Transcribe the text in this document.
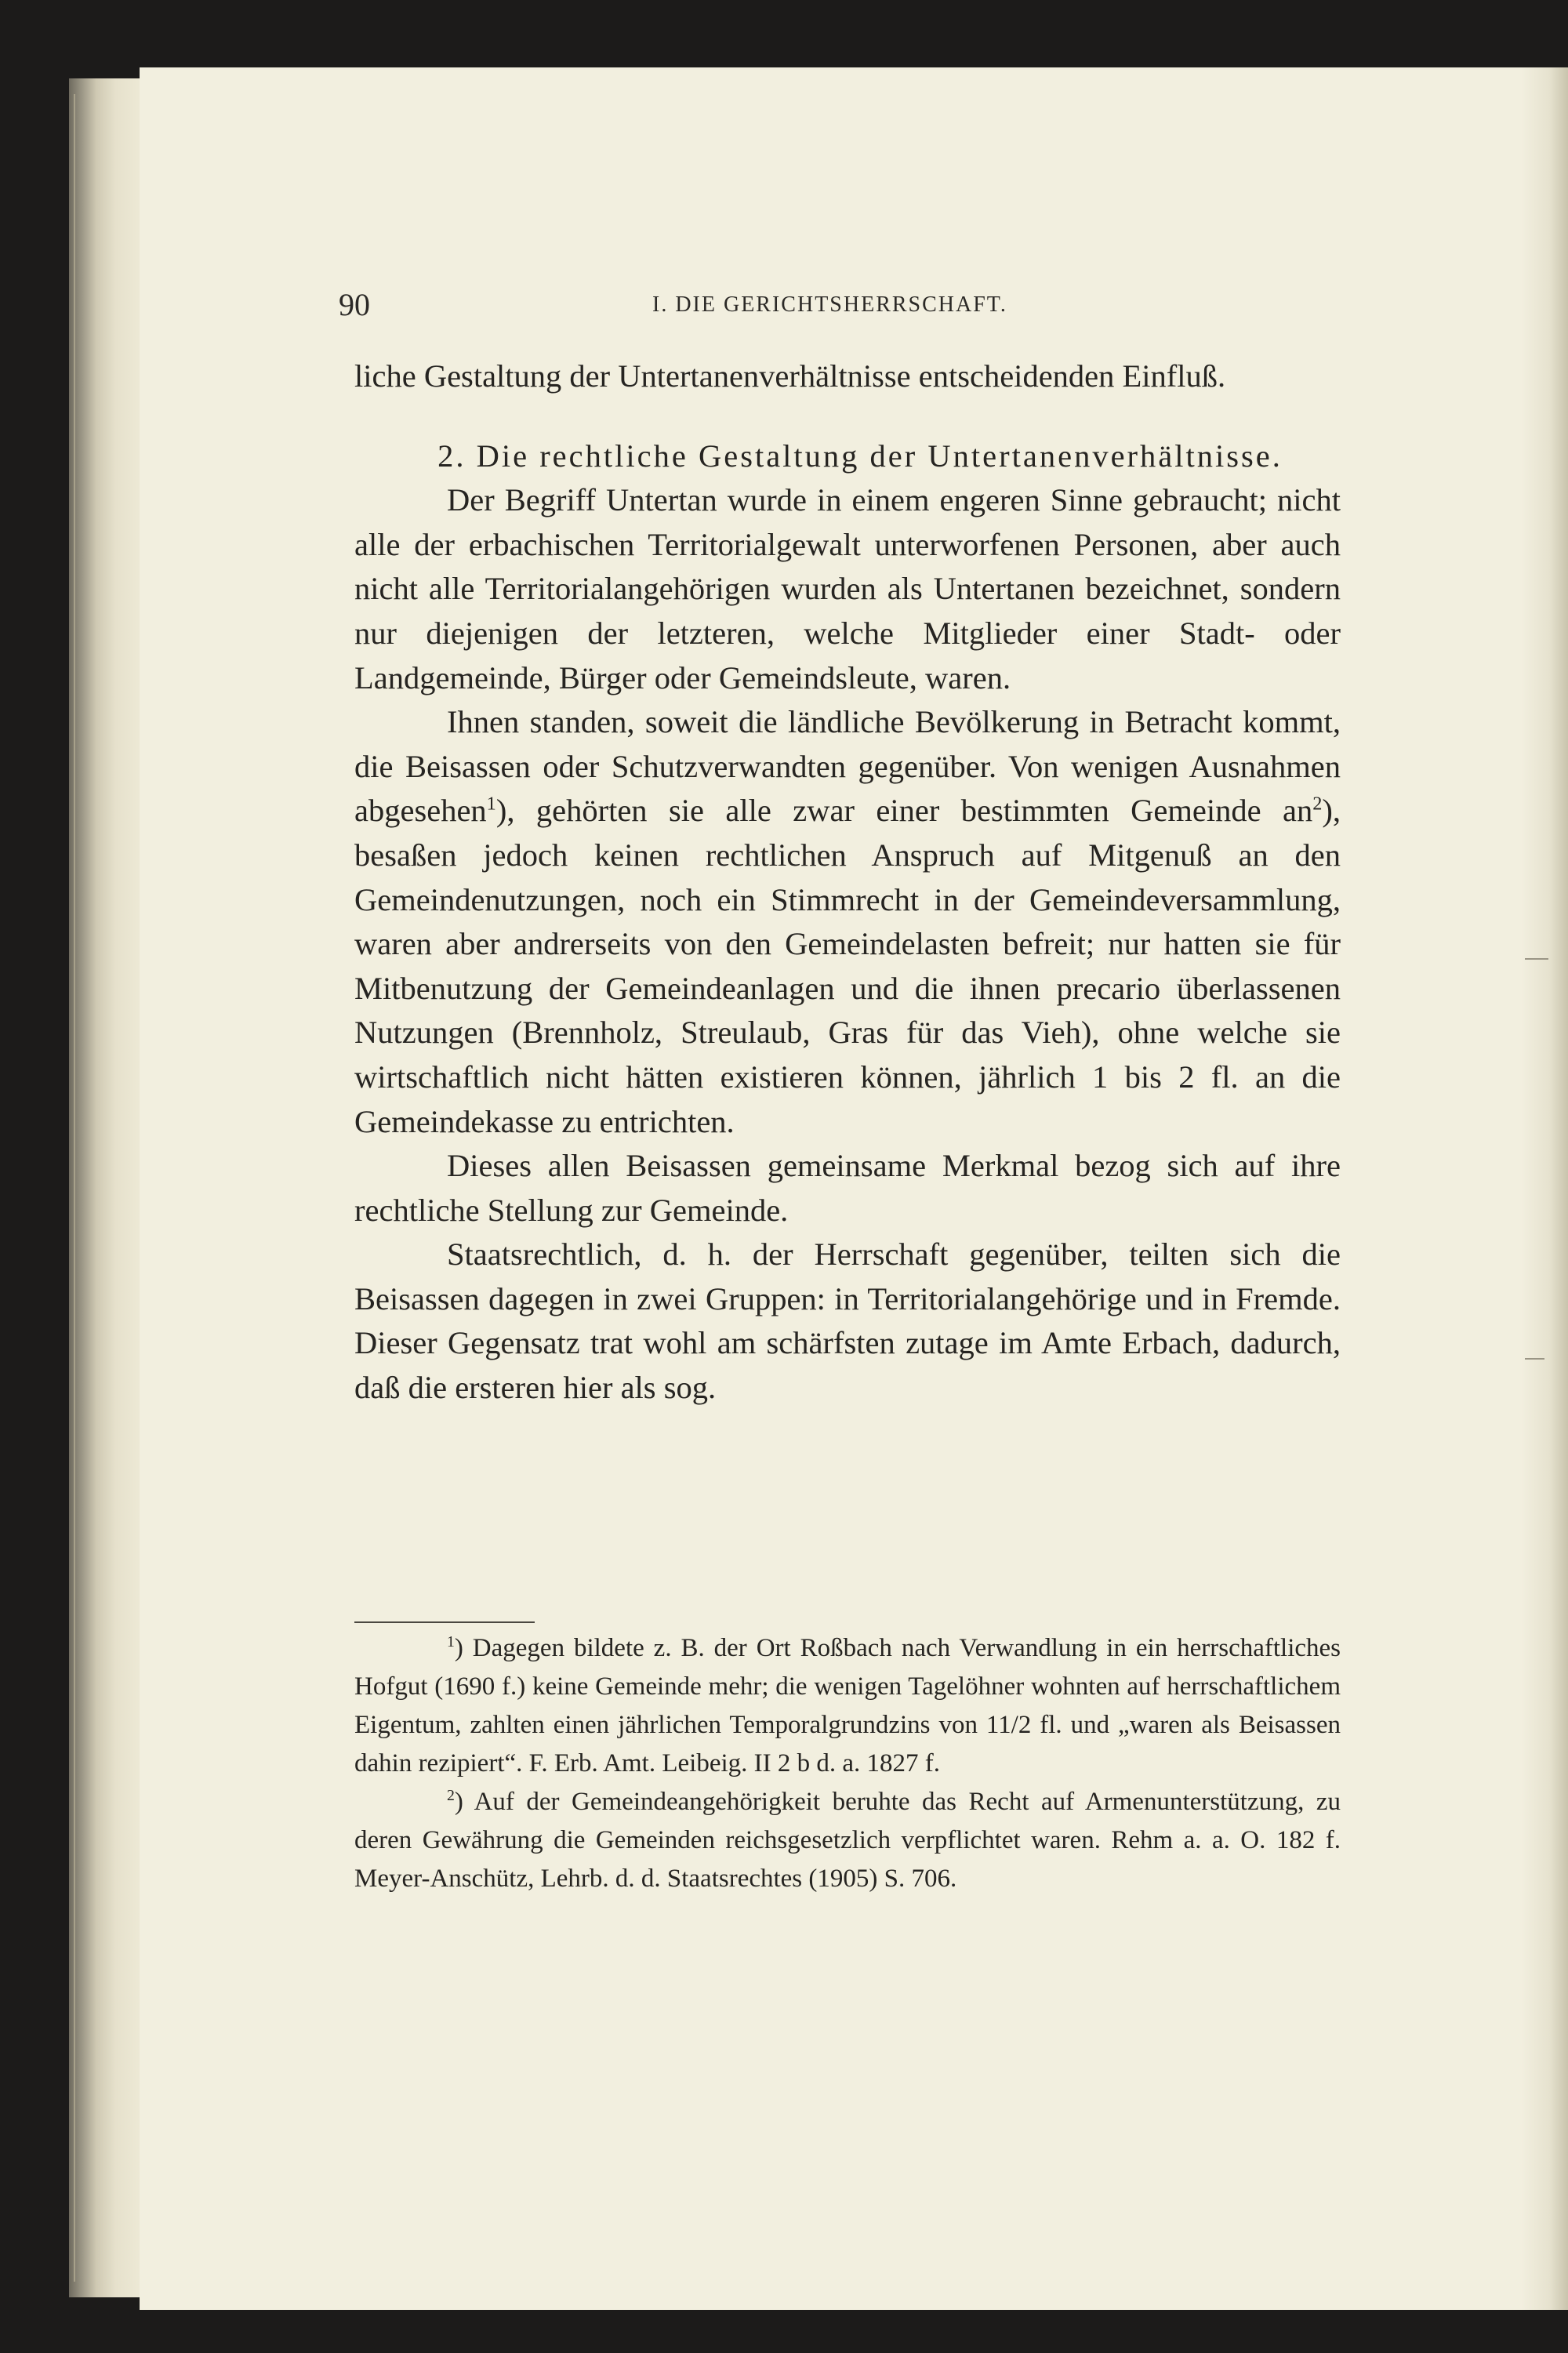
90	I. DIE GERICHTSHERRSCHAFT.

liche Gestaltung der Untertanenverhältnisse entscheidenden Einfluß.

2. Die rechtliche Gestaltung der Untertanenverhältnisse.

Der Begriff Untertan wurde in einem engeren Sinne gebraucht; nicht alle der erbachischen Territorialgewalt unterworfenen Personen, aber auch nicht alle Territorialangehörigen wurden als Untertanen bezeichnet, sondern nur diejenigen der letzteren, welche Mitglieder einer Stadt- oder Landgemeinde, Bürger oder Gemeindsleute, waren.

Ihnen standen, soweit die ländliche Bevölkerung in Betracht kommt, die Beisassen oder Schutzverwandten gegenüber. Von wenigen Ausnahmen abgesehen$^1$), gehörten sie alle zwar einer bestimmten Gemeinde $an^2$), besaßen jedoch keinen rechtlichen Anspruch auf Mitgenuß an den Gemeindenutzungen, noch ein Stimmrecht in der Gemeindeversammlung, waren aber andrerseits von den Gemeindelasten befreit; nur hatten sie für Mitbenutzung der Gemeindeanlagen und die ihnen precario überlassenen Nutzungen (Brennholz, Streulaub, Gras für das Vieh), ohne welche sie wirtschaftlich nicht hätten existieren können, jährlich 1 bis 2 fl. an die Gemeindekasse zu entrichten.

Dieses allen Beisassen gemeinsame Merkmal bezog sich auf ihre rechtliche Stellung zur Gemeinde.

Staatsrechtlich, d. h. der Herrschaft gegenüber, teilten sich die Beisassen dagegen in zwei Gruppen: in Territorialangehörige und in Fremde. Dieser Gegensatz trat wohl am schärfsten zutage im Amte Erbach, dadurch, daß die ersteren hier als sog.

$^1$) Dagegen bildete z. B. der Ort Roßbach nach Verwandlung in ein herrschaftliches Hofgut (1690 f.) keine Gemeinde mehr; die wenigen Tagelöhner wohnten auf herrschaftlichem Eigentum, zahlten einen jährlichen Temporalgrundzins von 11/2 fl. und „waren als Beisassen dahin rezipiert“. F. Erb. Amt. Leibeig. II 2 b d. a. 1827 f.

$^2$) Auf der Gemeindeangehörigkeit beruhte das Recht auf Armenunterstützung, zu deren Gewährung die Gemeinden reichsgesetzlich verpflichtet waren. Rehm a. a. O. 182 f. Meyer-Anschütz, Lehrb. d. d. Staatsrechtes (1905) S. 706.
